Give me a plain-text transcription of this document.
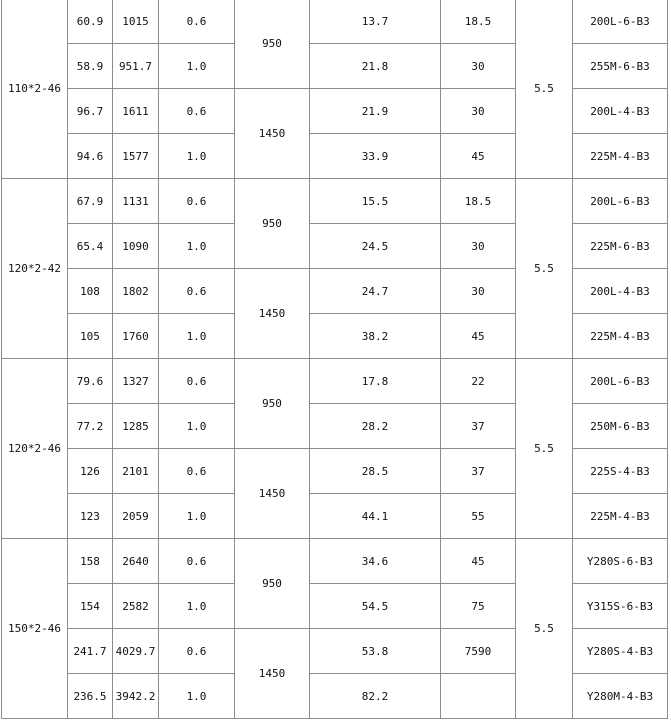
110*2-46	60.9	1015	0.6	950	13.7	18.5	5.5	200L-6-B3
	58.9	951.7	1.0		21.8	30		255M-6-B3
	96.7	1611	0.6	1450	21.9	30		200L-4-B3
	94.6	1577	1.0		33.9	45		225M-4-B3
120*2-42	67.9	1131	0.6	950	15.5	18.5	5.5	200L-6-B3
	65.4	1090	1.0		24.5	30		225M-6-B3
	108	1802	0.6	1450	24.7	30		200L-4-B3
	105	1760	1.0		38.2	45		225M-4-B3
120*2-46	79.6	1327	0.6	950	17.8	22	5.5	200L-6-B3
	77.2	1285	1.0		28.2	37		250M-6-B3
	126	2101	0.6	1450	28.5	37		225S-4-B3
	123	2059	1.0		44.1	55		225M-4-B3
150*2-46	158	2640	0.6	950	34.6	45	5.5	Y280S-6-B3
	154	2582	1.0		54.5	75		Y315S-6-B3
	241.7	4029.7	0.6	1450	53.8	7590		Y280S-4-B3
	236.5	3942.2	1.0		82.2			Y280M-4-B3
